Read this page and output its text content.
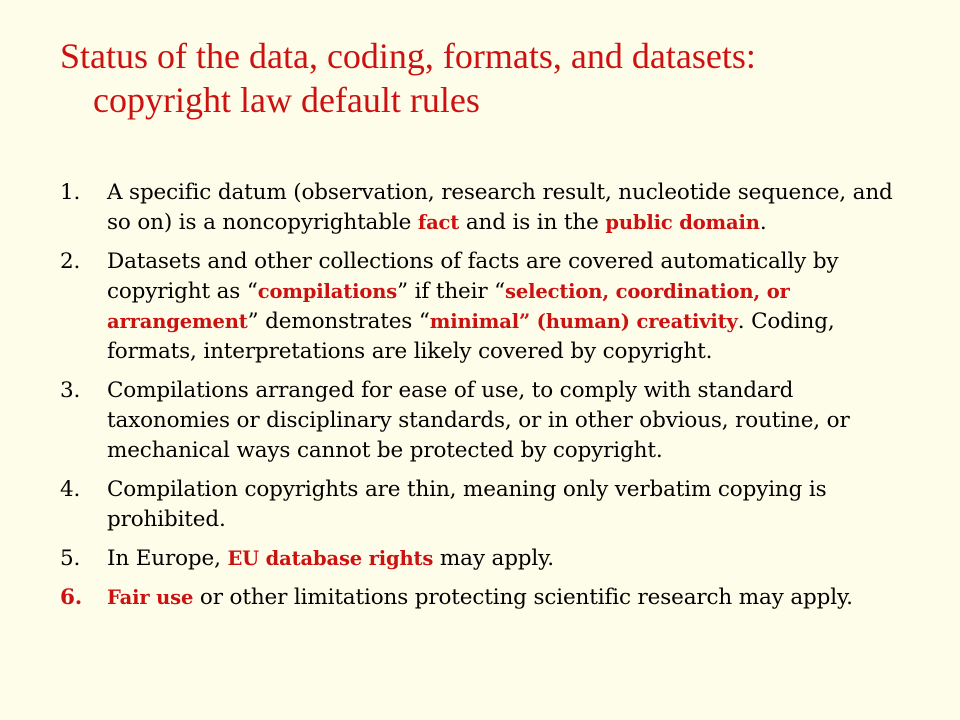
Status of the data, coding, formats, and datasets:
copyright law default rules
1. A specific datum (observation, research result, nucleotide sequence, and so on) is a noncopyrightable fact and is in the public domain.
2. Datasets and other collections of facts are covered automatically by copyright as “compilations” if their “selection, coordination, or arrangement” demonstrates “minimal” (human) creativity. Coding, formats, interpretations are likely covered by copyright.
3. Compilations arranged for ease of use, to comply with standard taxonomies or disciplinary standards, or in other obvious, routine, or mechanical ways cannot be protected by copyright.
4. Compilation copyrights are thin, meaning only verbatim copying is prohibited.
5. In Europe, EU database rights may apply.
6. Fair use or other limitations protecting scientific research may apply.
